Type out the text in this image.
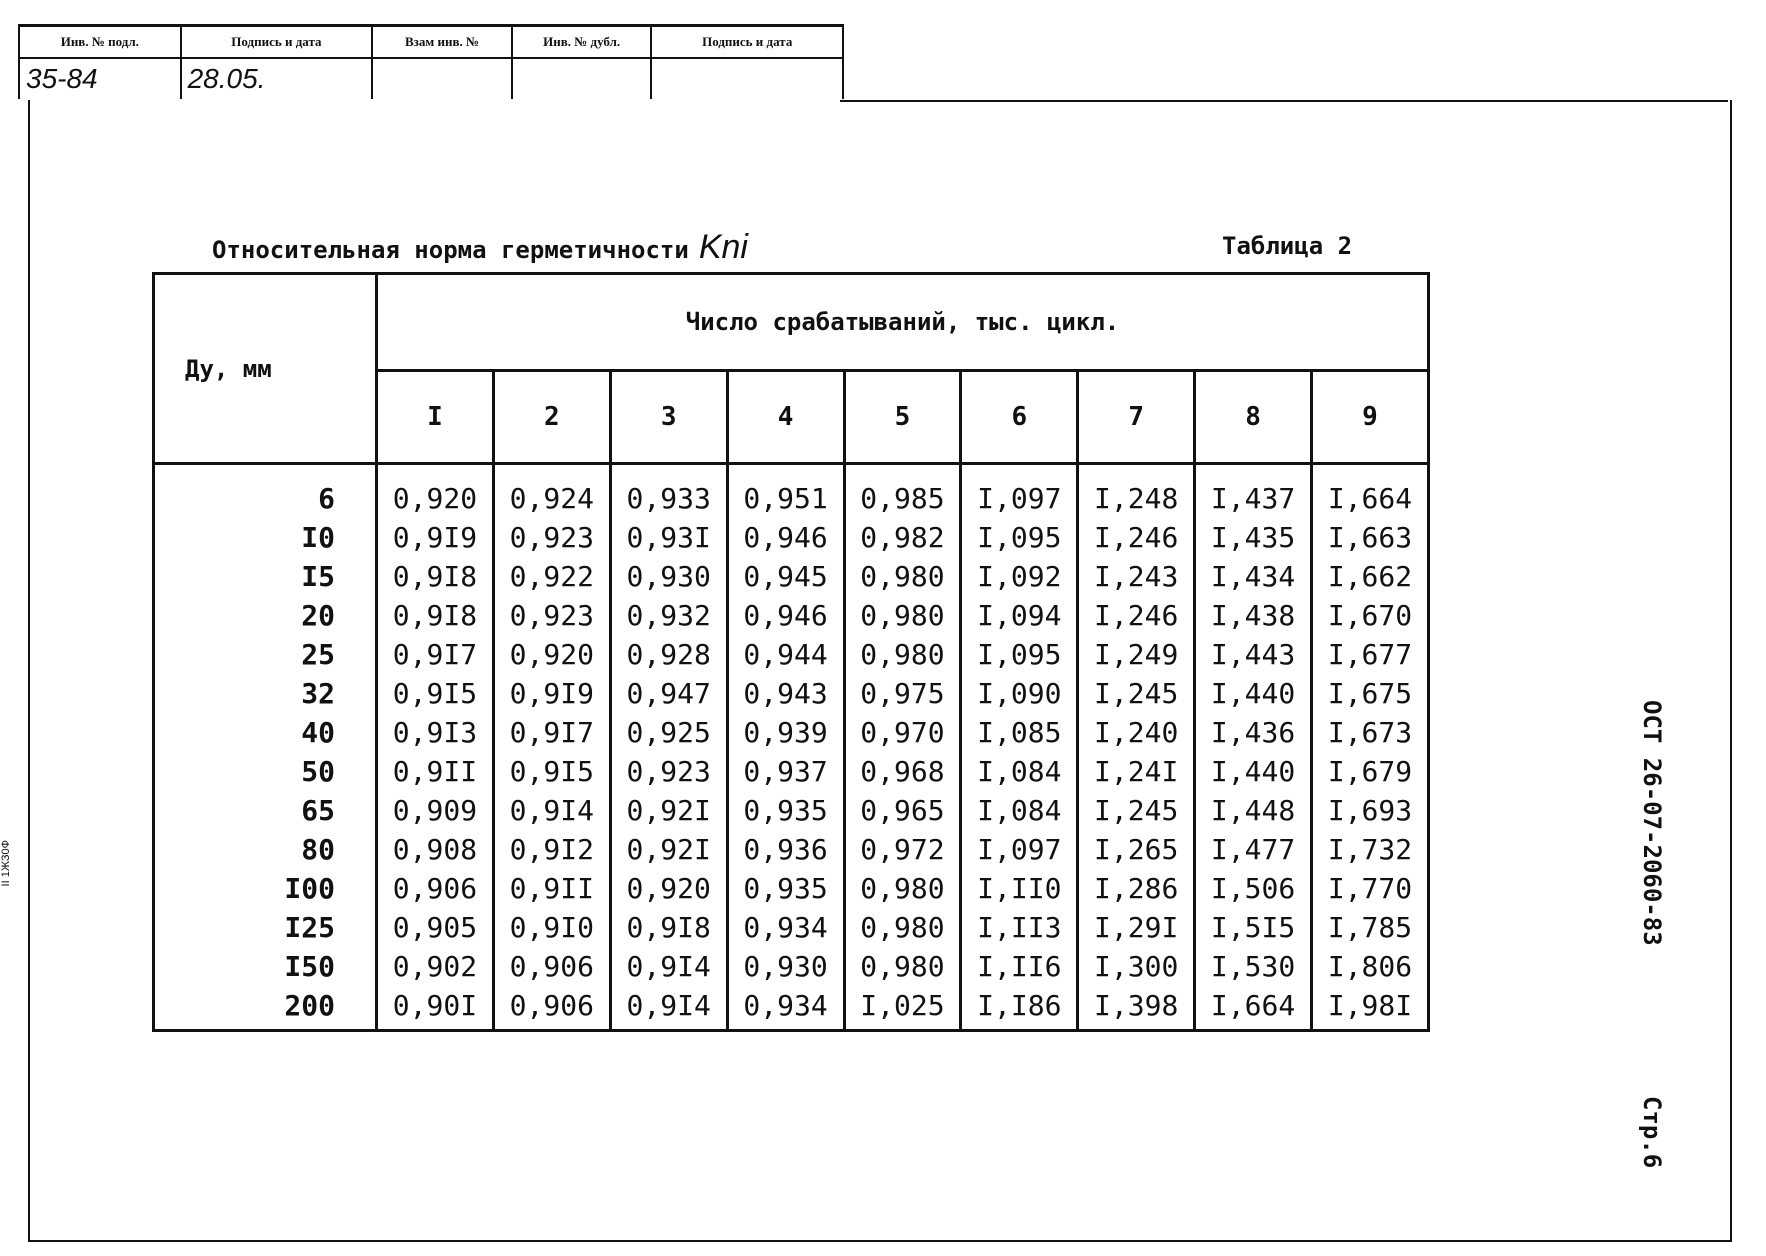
Инв. № подл.	Подпись и дата	Взам инв. №	Инв. № дубл.	Подпись и дата
35-84	28.05.			
Относительная норма герметичности Kni	Таблица 2
Ду, мм	Число срабатываний, тыс. цикл.								
	I	2	3	4	5	6	7	8	9
6	0,920	0,924	0,933	0,951	0,985	I,097	I,248	I,437	I,664
I0	0,9I9	0,923	0,93I	0,946	0,982	I,095	I,246	I,435	I,663
I5	0,9I8	0,922	0,930	0,945	0,980	I,092	I,243	I,434	I,662
20	0,9I8	0,923	0,932	0,946	0,980	I,094	I,246	I,438	I,670
25	0,9I7	0,920	0,928	0,944	0,980	I,095	I,249	I,443	I,677
32	0,9I5	0,9I9	0,947	0,943	0,975	I,090	I,245	I,440	I,675
40	0,9I3	0,9I7	0,925	0,939	0,970	I,085	I,240	I,436	I,673
50	0,9II	0,9I5	0,923	0,937	0,968	I,084	I,24I	I,440	I,679
65	0,909	0,9I4	0,92I	0,935	0,965	I,084	I,245	I,448	I,693
80	0,908	0,9I2	0,92I	0,936	0,972	I,097	I,265	I,477	I,732
I00	0,906	0,9II	0,920	0,935	0,980	I,II0	I,286	I,506	I,770
I25	0,905	0,9I0	0,9I8	0,934	0,980	I,II3	I,29I	I,5I5	I,785
I50	0,902	0,906	0,9I4	0,930	0,980	I,II6	I,300	I,530	I,806
200	0,90I	0,906	0,9I4	0,934	I,025	I,I86	I,398	I,664	I,98I
ОСТ 26-07-2060-83
Стр.6
II 1ЖЗ0Ф
